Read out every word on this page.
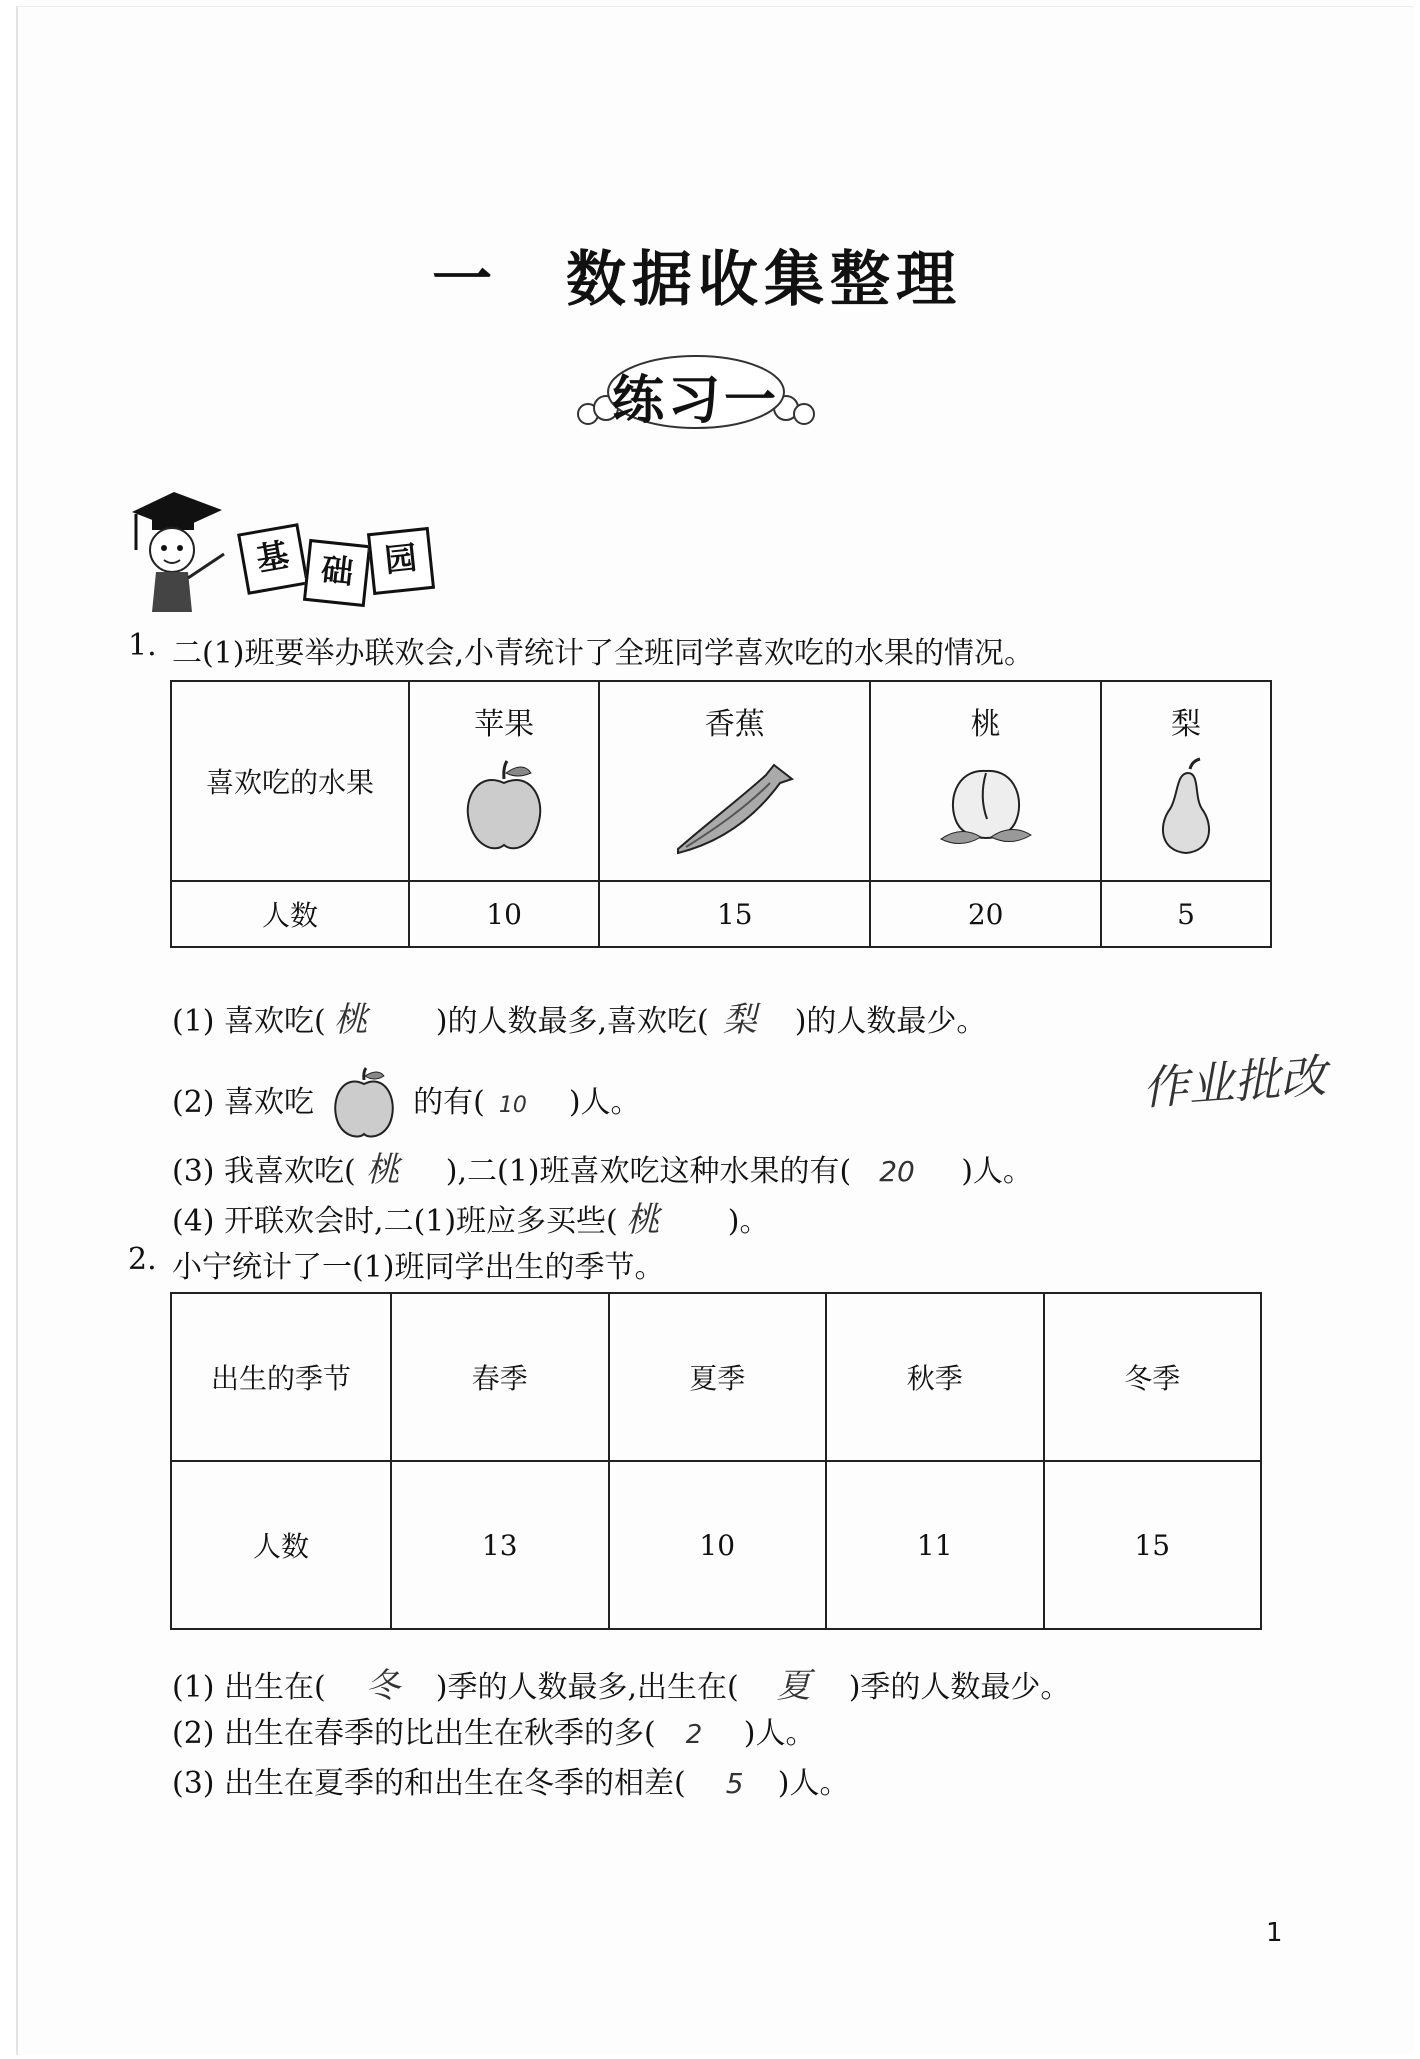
一 数据收集整理
练习一
基 础 园
1. 二(1)班要举办联欢会,小青统计了全班同学喜欢吃的水果的情况。
喜欢吃的水果	苹果	香蕉	桃	梨

人数	10	15	20	5
(1) 喜欢吃( 桃 )的人数最多,喜欢吃( 梨 )的人数最少。
(2) 喜欢吃	的有( 10 )人。	作业批改
(3) 我喜欢吃( 桃 ),二(1)班喜欢吃这种水果的有( 20 )人。
(4) 开联欢会时,二(1)班应多买些( 桃 )。
2. 小宁统计了一(1)班同学出生的季节。
出生的季节	春季	夏季	秋季	冬季
人数	13	10	11	15
(1) 出生在( 冬 )季的人数最多,出生在( 夏 )季的人数最少。
(2) 出生在春季的比出生在秋季的多( 2 )人。
(3) 出生在夏季的和出生在冬季的相差( 5 )人。
1
